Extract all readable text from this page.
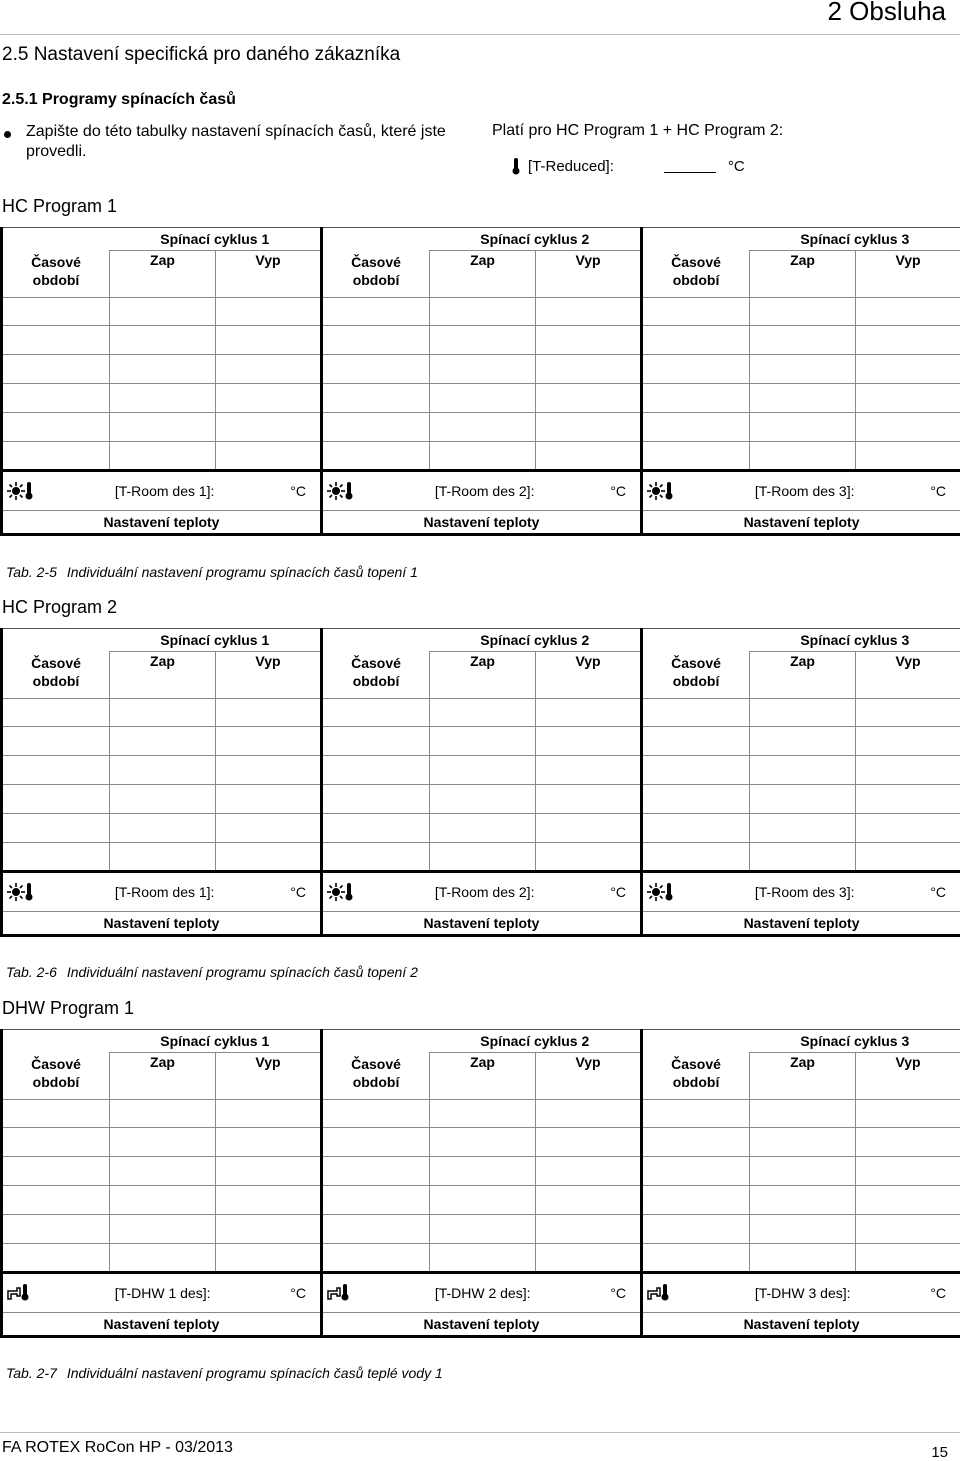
2 Obsluha
2.5 Nastavení specifická pro daného zákazníka
2.5.1 Programy spínacích časů
Zapište do této tabulky nastavení spínacích časů, které jste provedli.
Platí pro HC Program 1 + HC Program 2:
[T-Reduced]:	°C
HC Program 1
	Spínací cyklus 1			Spínací cyklus 2			Spínací cyklus 3	
Časové období	Zap	Vyp	Časové období	Zap	Vyp	Časové období	Zap	Vyp

[T-Room des 1]: °C			[T-Room des 2]: °C			[T-Room des 3]: °C		

Nastavení teploty			Nastavení teploty			Nastavení teploty		
Tab. 2-5 Individuální nastavení programu spínacích časů topení 1
HC Program 2
	Spínací cyklus 1			Spínací cyklus 2			Spínací cyklus 3	
Časové období	Zap	Vyp	Časové období	Zap	Vyp	Časové období	Zap	Vyp

[T-Room des 1]: °C			[T-Room des 2]: °C			[T-Room des 3]: °C		

Nastavení teploty			Nastavení teploty			Nastavení teploty		
Tab. 2-6 Individuální nastavení programu spínacích časů topení 2
DHW Program 1
	Spínací cyklus 1			Spínací cyklus 2			Spínací cyklus 3	
Časové období	Zap	Vyp	Časové období	Zap	Vyp	Časové období	Zap	Vyp

[T-DHW 1 des]: °C			[T-DHW 2 des]: °C			[T-DHW 3 des]: °C		

Nastavení teploty			Nastavení teploty			Nastavení teploty		
Tab. 2-7 Individuální nastavení programu spínacích časů teplé vody 1
FA ROTEX RoCon HP - 03/2013	15
